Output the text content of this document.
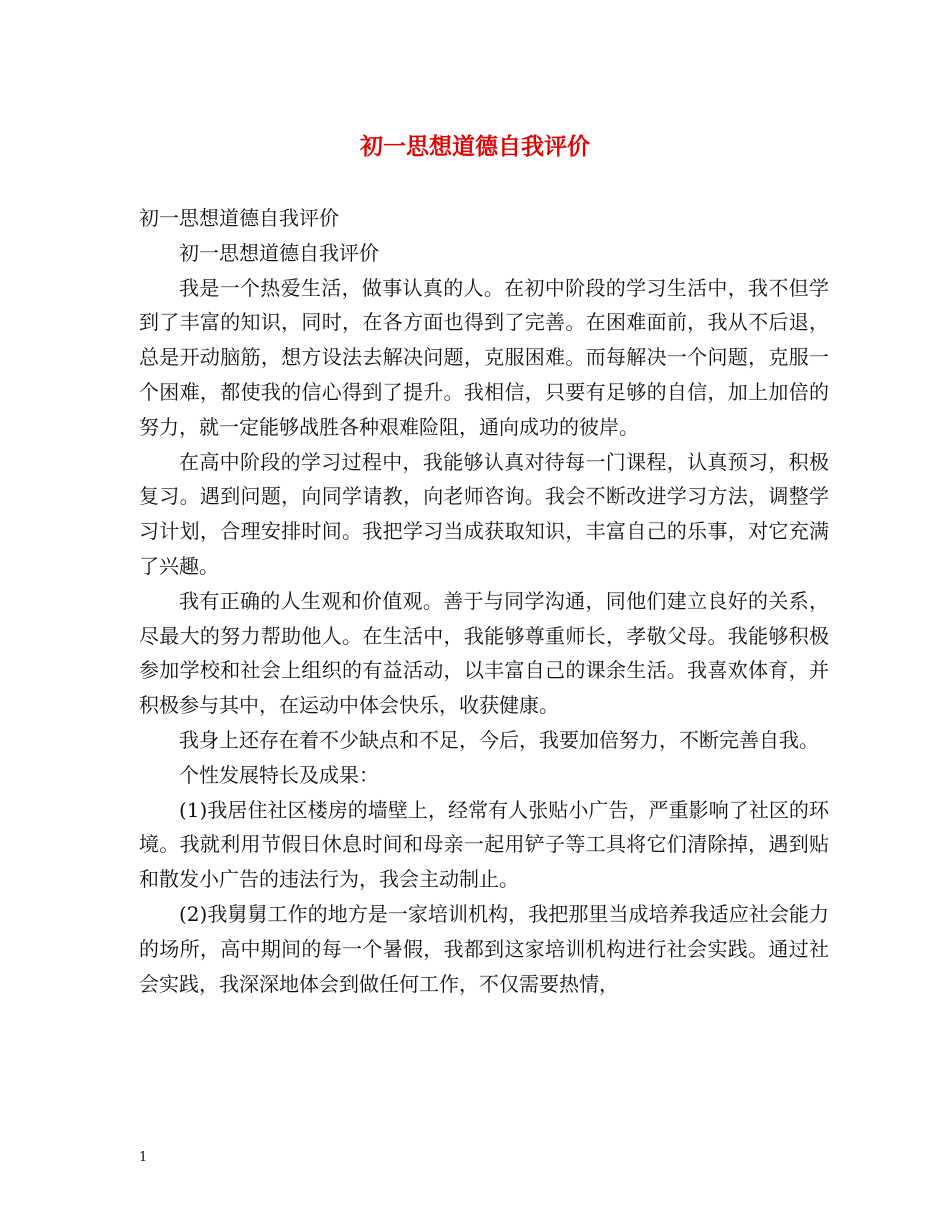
初一思想道德自我评价

初一思想道德自我评价

初一思想道德自我评价

我是一个热爱生活，做事认真的人。在初中阶段的学习生活中，我不但学到了丰富的知识，同时，在各方面也得到了完善。在困难面前，我从不后退，总是开动脑筋，想方设法去解决问题，克服困难。而每解决一个问题，克服一个困难，都使我的信心得到了提升。我相信，只要有足够的自信，加上加倍的努力，就一定能够战胜各种艰难险阻，通向成功的彼岸。

在高中阶段的学习过程中，我能够认真对待每一门课程，认真预习，积极复习。遇到问题，向同学请教，向老师咨询。我会不断改进学习方法，调整学习计划，合理安排时间。我把学习当成获取知识，丰富自己的乐事，对它充满了兴趣。

我有正确的人生观和价值观。善于与同学沟通，同他们建立良好的关系，尽最大的努力帮助他人。在生活中，我能够尊重师长，孝敬父母。我能够积极参加学校和社会上组织的有益活动，以丰富自己的课余生活。我喜欢体育，并积极参与其中，在运动中体会快乐，收获健康。

我身上还存在着不少缺点和不足，今后，我要加倍努力，不断完善自我。

个性发展特长及成果：

(1)我居住社区楼房的墙壁上，经常有人张贴小广告，严重影响了社区的环境。我就利用节假日休息时间和母亲一起用铲子等工具将它们清除掉，遇到贴和散发小广告的违法行为，我会主动制止。

(2)我舅舅工作的地方是一家培训机构，我把那里当成培养我适应社会能力的场所，高中期间的每一个暑假，我都到这家培训机构进行社会实践。通过社会实践，我深深地体会到做任何工作，不仅需要热情，

1
